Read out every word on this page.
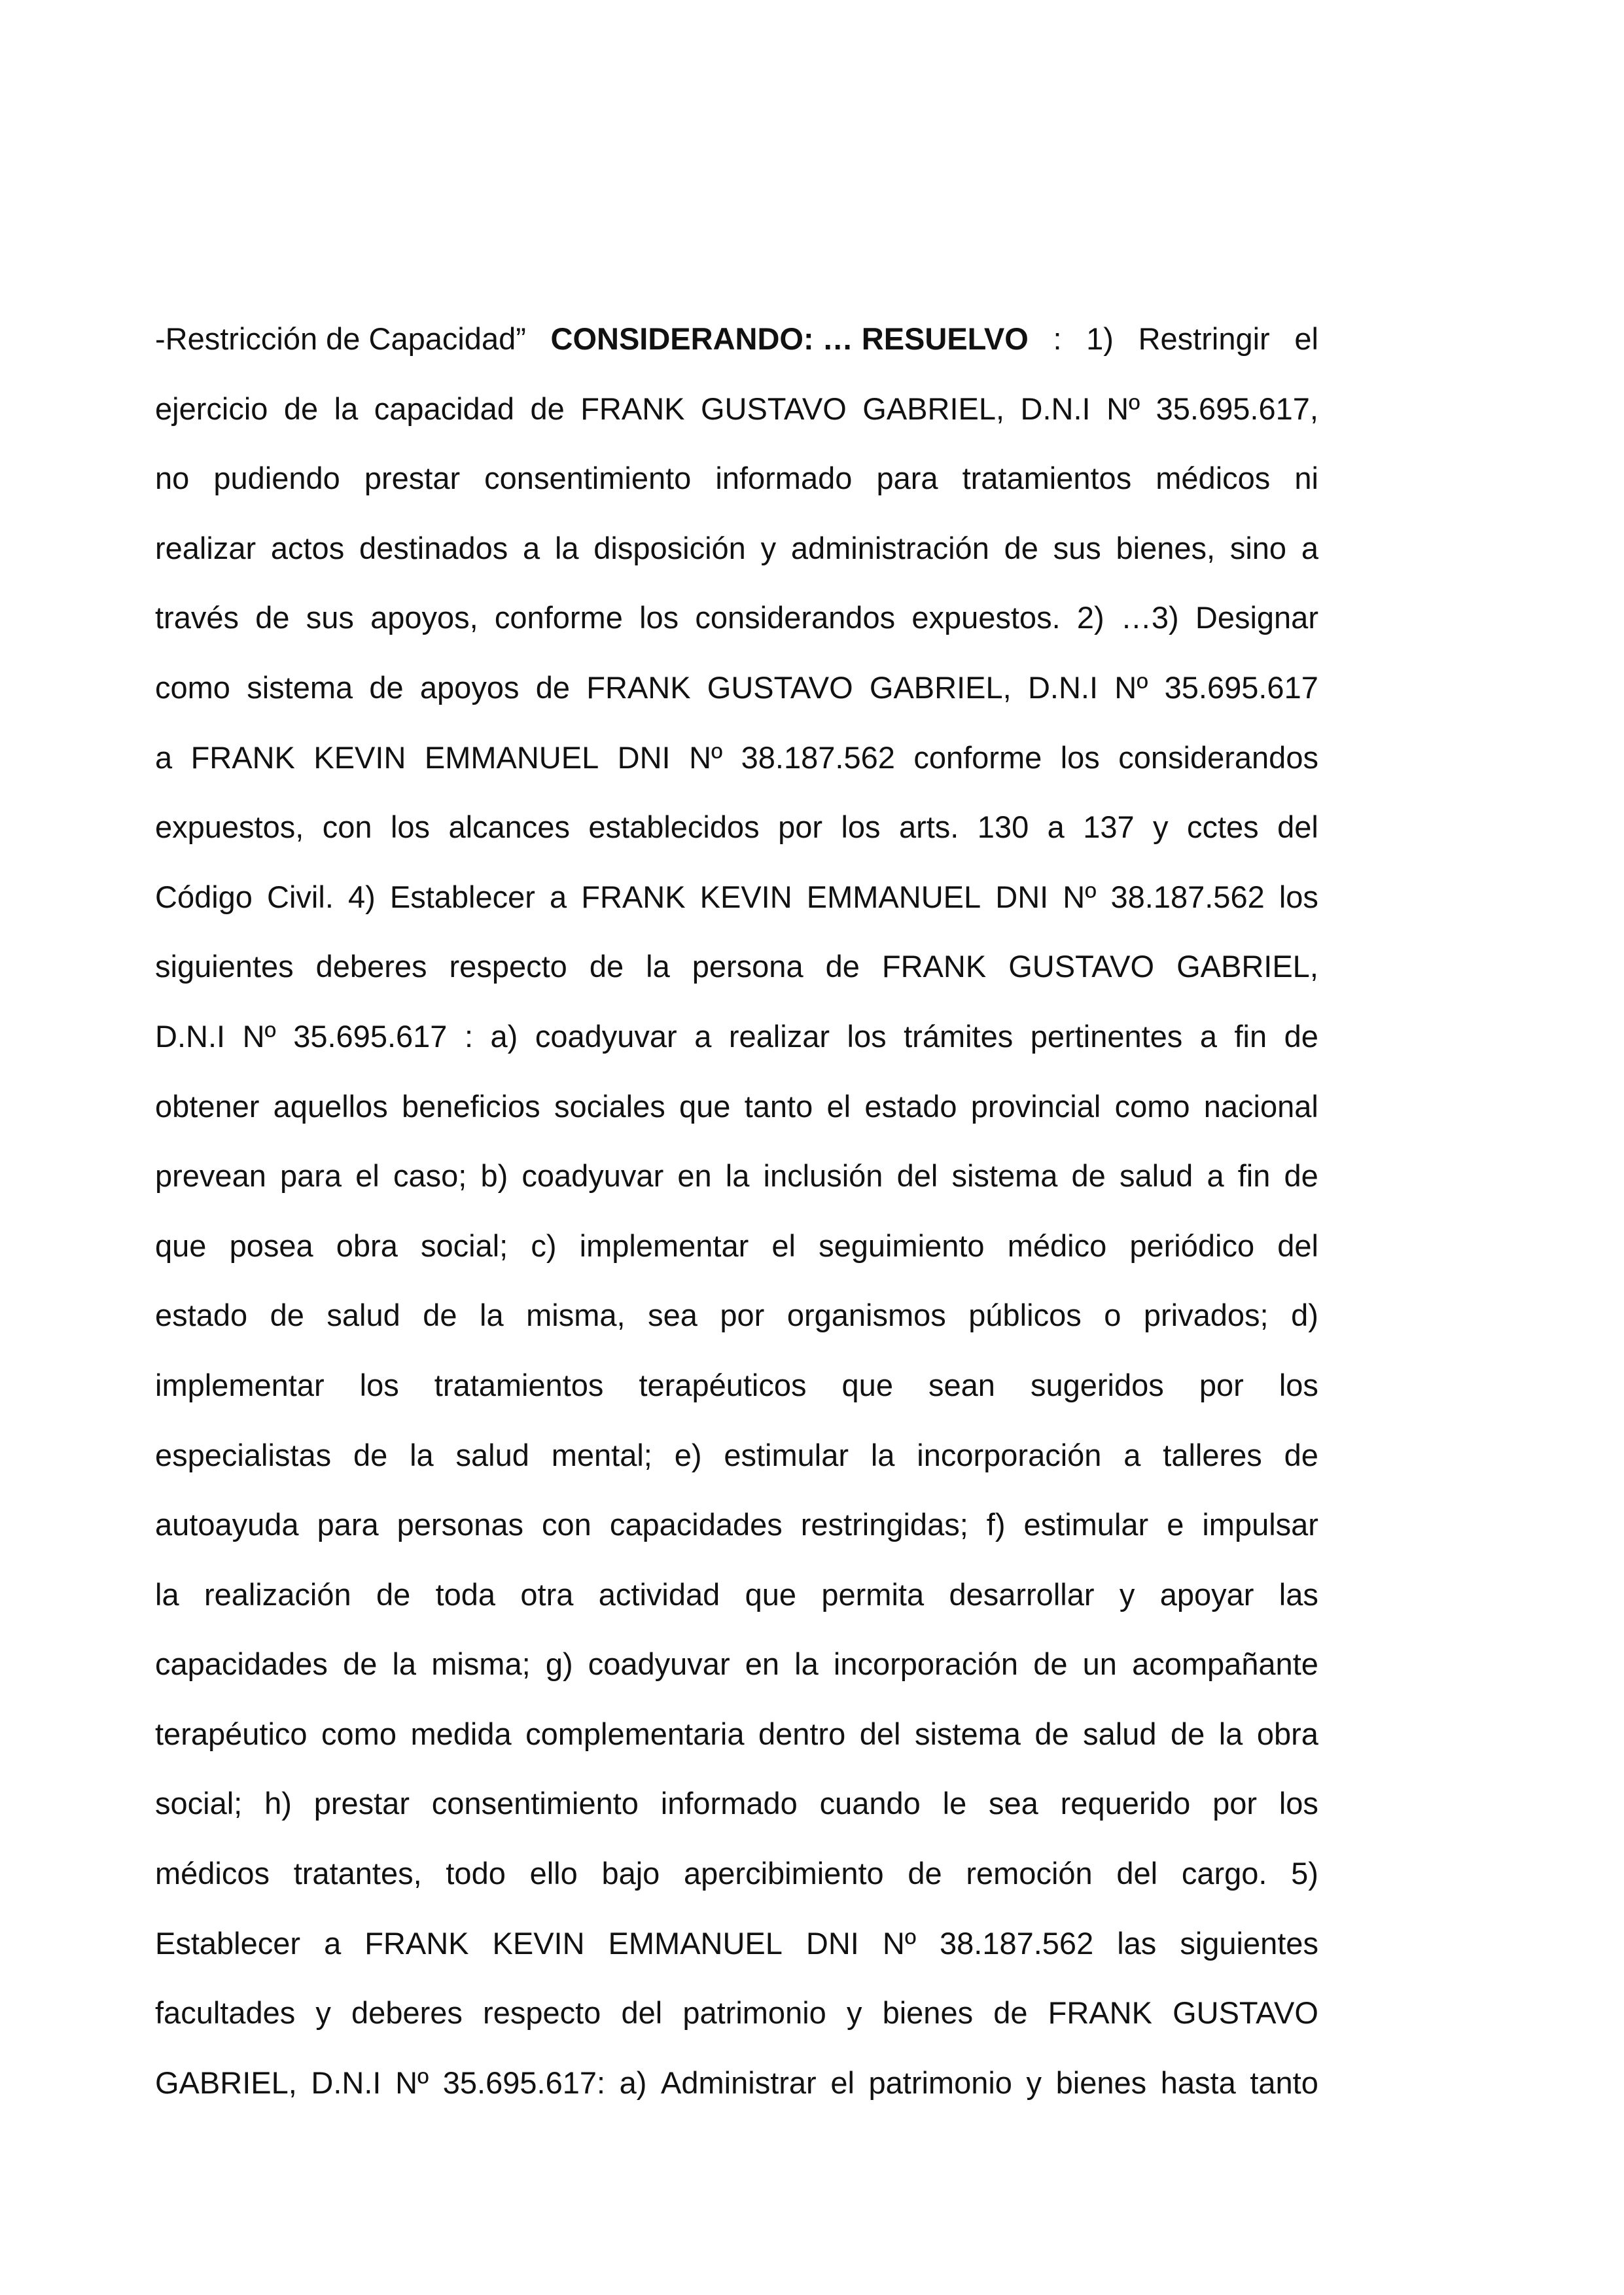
-Restricción de Capacidad” CONSIDERANDO: … RESUELVO : 1) Restringir el
ejercicio de la capacidad de FRANK GUSTAVO GABRIEL, D.N.I Nº 35.695.617,
no pudiendo prestar consentimiento informado para tratamientos médicos ni
realizar actos destinados a la disposición y administración de sus bienes, sino a
través de sus apoyos, conforme los considerandos expuestos. 2) …3) Designar
como sistema de apoyos de FRANK GUSTAVO GABRIEL, D.N.I Nº 35.695.617
a FRANK KEVIN EMMANUEL DNI Nº 38.187.562 conforme los considerandos
expuestos, con los alcances establecidos por los arts. 130 a 137 y cctes del
Código Civil. 4) Establecer a FRANK KEVIN EMMANUEL DNI Nº 38.187.562 los
siguientes deberes respecto de la persona de FRANK GUSTAVO GABRIEL,
D.N.I Nº 35.695.617 : a) coadyuvar a realizar los trámites pertinentes a fin de
obtener aquellos beneficios sociales que tanto el estado provincial como nacional
prevean para el caso; b) coadyuvar en la inclusión del sistema de salud a fin de
que posea obra social; c) implementar el seguimiento médico periódico del
estado de salud de la misma, sea por organismos públicos o privados; d)
implementar los tratamientos terapéuticos que sean sugeridos por los
especialistas de la salud mental; e) estimular la incorporación a talleres de
autoayuda para personas con capacidades restringidas; f) estimular e impulsar
la realización de toda otra actividad que permita desarrollar y apoyar las
capacidades de la misma; g) coadyuvar en la incorporación de un acompañante
terapéutico como medida complementaria dentro del sistema de salud de la obra
social; h) prestar consentimiento informado cuando le sea requerido por los
médicos tratantes, todo ello bajo apercibimiento de remoción del cargo. 5)
Establecer a FRANK KEVIN EMMANUEL DNI Nº 38.187.562 las siguientes
facultades y deberes respecto del patrimonio y bienes de FRANK GUSTAVO
GABRIEL, D.N.I Nº 35.695.617: a) Administrar el patrimonio y bienes hasta tanto
